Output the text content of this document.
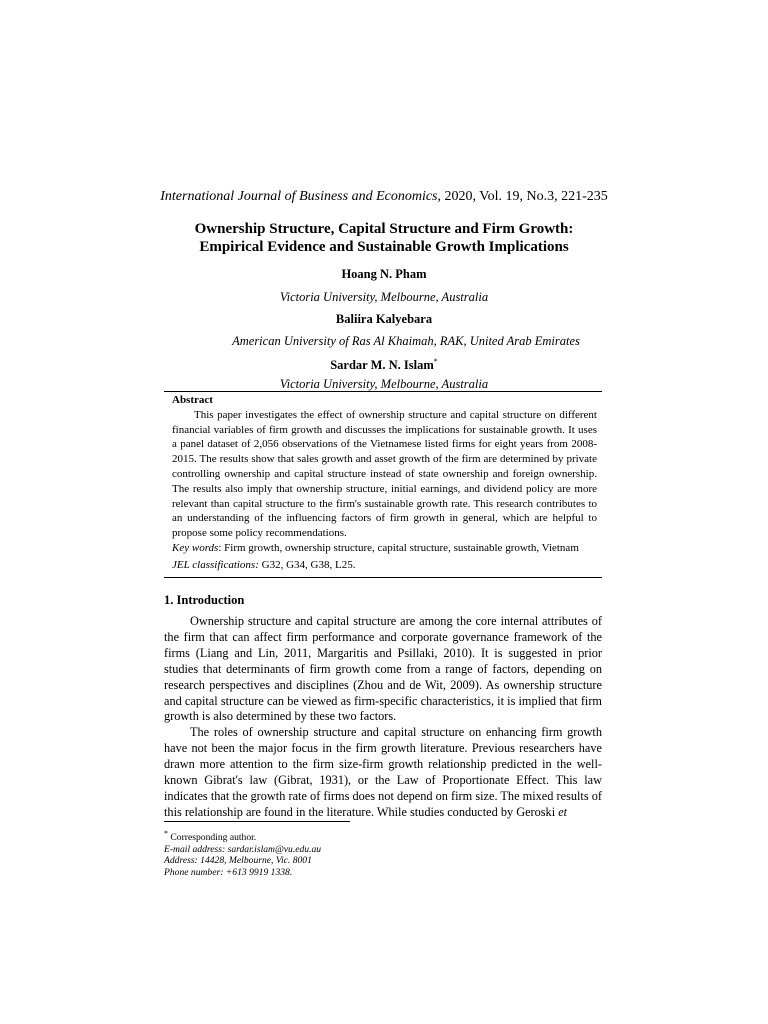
International Journal of Business and Economics, 2020, Vol. 19, No.3, 221-235
Ownership Structure, Capital Structure and Firm Growth:
Empirical Evidence and Sustainable Growth Implications
Hoang N. Pham
Victoria University, Melbourne, Australia
Baliira Kalyebara
American University of Ras Al Khaimah, RAK, United Arab Emirates
Sardar M. N. Islam*
Victoria University, Melbourne, Australia
Abstract
This paper investigates the effect of ownership structure and capital structure on different financial variables of firm growth and discusses the implications for sustainable growth. It uses a panel dataset of 2,056 observations of the Vietnamese listed firms for eight years from 2008-2015. The results show that sales growth and asset growth of the firm are determined by private controlling ownership and capital structure instead of state ownership and foreign ownership. The results also imply that ownership structure, initial earnings, and dividend policy are more relevant than capital structure to the firm's sustainable growth rate. This research contributes to an understanding of the influencing factors of firm growth in general, which are helpful to propose some policy recommendations.
Key words: Firm growth, ownership structure, capital structure, sustainable growth, Vietnam
JEL classifications: G32, G34, G38, L25.
1. Introduction

Ownership structure and capital structure are among the core internal attributes of the firm that can affect firm performance and corporate governance framework of the firms (Liang and Lin, 2011, Margaritis and Psillaki, 2010). It is suggested in prior studies that determinants of firm growth come from a range of factors, depending on research perspectives and disciplines (Zhou and de Wit, 2009). As ownership structure and capital structure can be viewed as firm-specific characteristics, it is implied that firm growth is also determined by these two factors.

The roles of ownership structure and capital structure on enhancing firm growth have not been the major focus in the firm growth literature. Previous researchers have drawn more attention to the firm size-firm growth relationship predicted in the well-known Gibrat's law (Gibrat, 1931), or the Law of Proportionate Effect. This law indicates that the growth rate of firms does not depend on firm size. The mixed results of this relationship are found in the literature. While studies conducted by Geroski et

* Corresponding author.
E-mail address: sardar.islam@vu.edu.au
Address: 14428, Melbourne, Vic. 8001
Phone number: +613 9919 1338.
